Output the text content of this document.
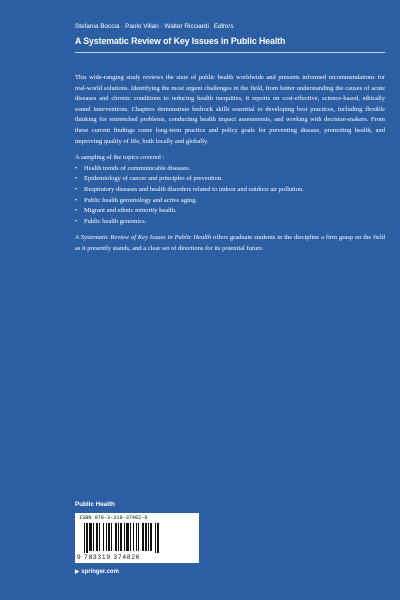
Stefania Boccia · Paolo Villari · Walter Ricciardi Editors
A Systematic Review of Key Issues in Public Health

This wide-ranging study reviews the state of public health worldwide and presents informed recommendations for real-world solutions. Identifying the most urgent challenges in the field, from better understanding the causes of acute diseases and chronic conditions to reducing health inequities, it reports on cost-effective, science-based, ethically sound interventions. Chapters demonstrate bedrock skills essential to developing best practices, including flexible thinking for entrenched problems, conducting health impact assessments, and working with decision-makers. From these current findings come long-term practice and policy goals for preventing disease, promoting health, and improving quality of life, both locally and globally.

A sampling of the topics covered :

• Health trends of communicable diseases.
• Epidemiology of cancer and principles of prevention.
• Respiratory diseases and health disorders related to indoor and outdoor air pollution.
• Public health gerontology and active aging.
• Migrant and ethnic minority health.
• Public health genomics.

A Systematic Review of Key Issues in Public Health offers graduate students in the discipline a firm grasp on the field as it presently stands, and a clear set of directions for its potential future.

Public Health
ISBN 978-3-319-37482-6
9 783319 374826
▶ springer.com
